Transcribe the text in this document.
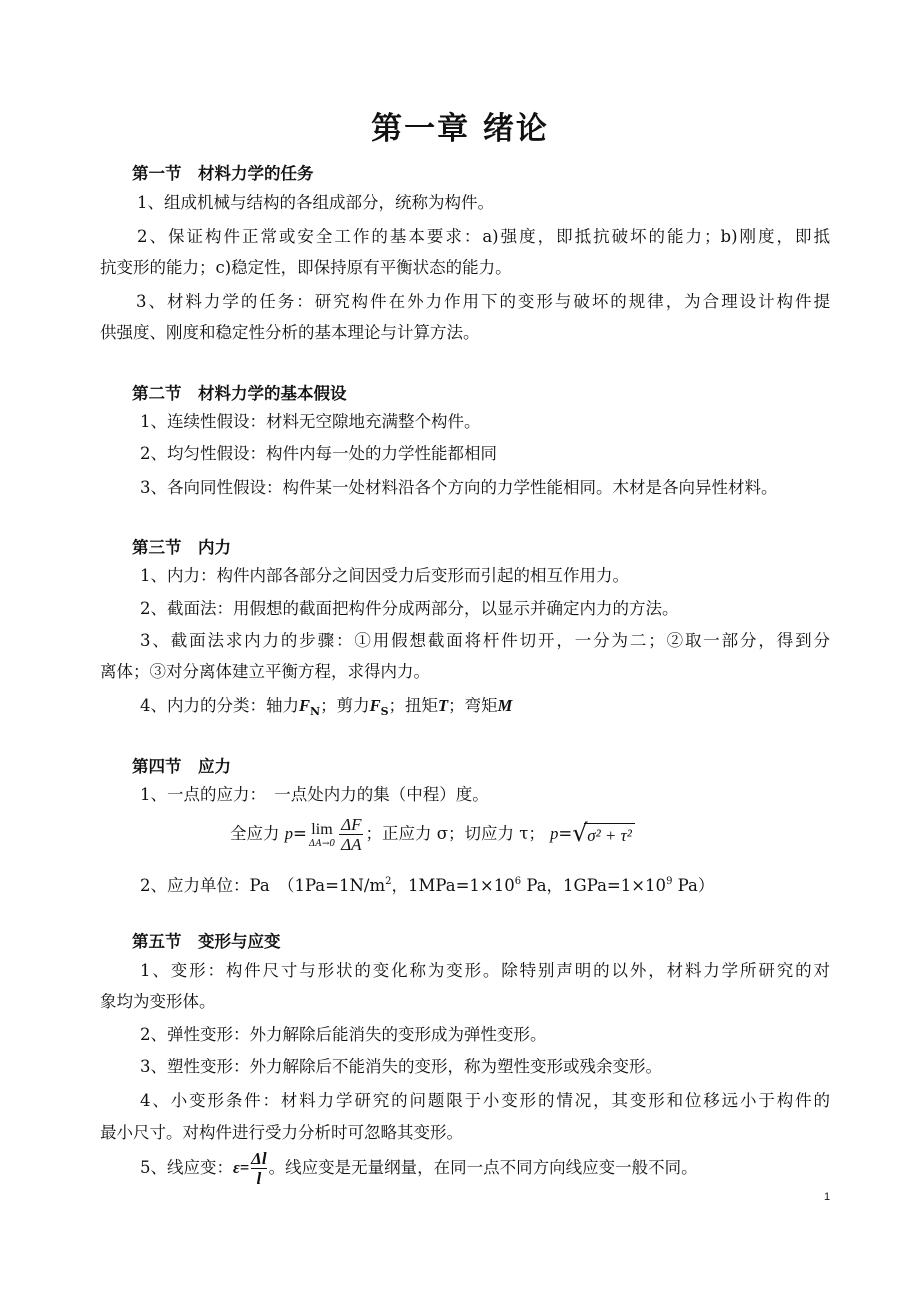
第一章 绪论
第一节　材料力学的任务
1、组成机械与结构的各组成部分，统称为构件。
2、保证构件正常或安全工作的基本要求：a)强度，即抵抗破坏的能力；b)刚度，即抵
抗变形的能力；c)稳定性，即保持原有平衡状态的能力。
3、材料力学的任务：研究构件在外力作用下的变形与破坏的规律，为合理设计构件提
供强度、刚度和稳定性分析的基本理论与计算方法。
第二节　材料力学的基本假设
1、连续性假设：材料无空隙地充满整个构件。
2、均匀性假设：构件内每一处的力学性能都相同
3、各向同性假设：构件某一处材料沿各个方向的力学性能相同。木材是各向异性材料。
第三节　内力
1、内力：构件内部各部分之间因受力后变形而引起的相互作用力。
2、截面法：用假想的截面把构件分成两部分，以显示并确定内力的方法。
3、截面法求内力的步骤：①用假想截面将杆件切开，一分为二；②取一部分，得到分
离体；③对分离体建立平衡方程，求得内力。
4、内力的分类：轴力$F_N$；剪力$F_S$；扭矩T；弯矩M
第四节　应力
1、一点的应力：　一点处内力的集（中程）度。
全应力 p= lim
$\Delta A\to 0 \frac{\Delta F}{\Delta A}$ ；正应力 σ；切应力 τ； p= √ σ² + τ²
2、应力单位：Pa　（$1Pa=1N/m^2$，$1MPa=1\times 10^6$ Pa，$1GPa=1\times 10^9$ Pa）
第五节　变形与应变
1、变形：构件尺寸与形状的变化称为变形。除特别声明的以外，材料力学所研究的对
象均为变形体。
2、弹性变形：外力解除后能消失的变形成为弹性变形。
3、塑性变形：外力解除后不能消失的变形，称为塑性变形或残余变形。
4、小变形条件：材料力学研究的问题限于小变形的情况，其变形和位移远小于构件的
最小尺寸。对构件进行受力分析时可忽略其变形。
5、线应变：$\varepsilon= \frac{\Delta l}{l}$ 。线应变是无量纲量，在同一点不同方向线应变一般不同。
1
